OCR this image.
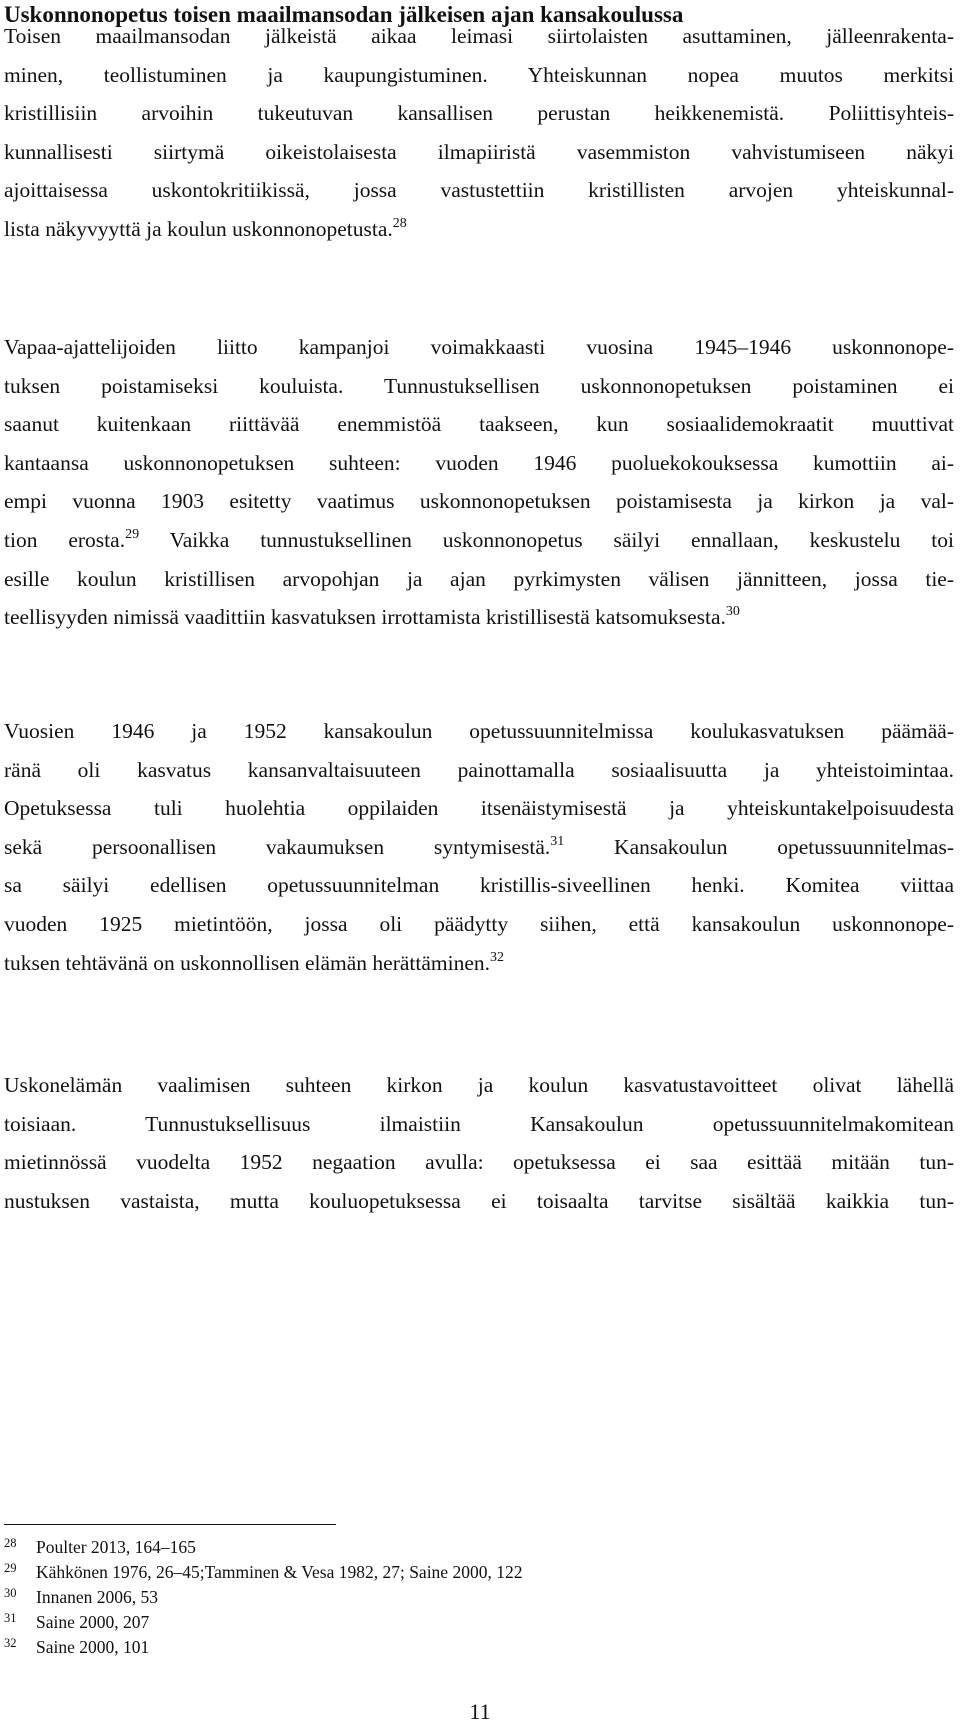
Uskonnonopetus toisen maailmansodan jälkeisen ajan kansakoulussa
Toisen maailmansodan jälkeistä aikaa leimasi siirtolaisten asuttaminen, jälleenrakenta-
minen, teollistuminen ja kaupungistuminen. Yhteiskunnan nopea muutos merkitsi
kristillisiin arvoihin tukeutuvan kansallisen perustan heikkenemistä. Poliittisyhteis-
kunnallisesti siirtymä oikeistolaisesta ilmapiiristä vasemmiston vahvistumiseen näkyi
ajoittaisessa uskontokritiikissä, jossa vastustettiin kristillisten arvojen yhteiskunnal-
lista näkyvyyttä ja koulun uskonnonopetusta.$^{28}$
Vapaa-ajattelijoiden liitto kampanjoi voimakkaasti vuosina 1945–1946 uskonnonope-
tuksen poistamiseksi kouluista. Tunnustuksellisen uskonnonopetuksen poistaminen ei
saanut kuitenkaan riittävää enemmistöä taakseen, kun sosiaalidemokraatit muuttivat
kantaansa uskonnonopetuksen suhteen: vuoden 1946 puoluekokouksessa kumottiin ai-
empi vuonna 1903 esitetty vaatimus uskonnonopetuksen poistamisesta ja kirkon ja val-
tion erosta.$^{29}$ Vaikka tunnustuksellinen uskonnonopetus säilyi ennallaan, keskustelu toi
esille koulun kristillisen arvopohjan ja ajan pyrkimysten välisen jännitteen, jossa tie-
teellisyyden nimissä vaadittiin kasvatuksen irrottamista kristillisestä katsomuksesta.$^{30}$
Vuosien 1946 ja 1952 kansakoulun opetussuunnitelmissa koulukasvatuksen päämää-
ränä oli kasvatus kansanvaltaisuuteen painottamalla sosiaalisuutta ja yhteistoimintaa.
Opetuksessa tuli huolehtia oppilaiden itsenäistymisestä ja yhteiskuntakelpoisuudesta
sekä persoonallisen vakaumuksen syntymisestä.$^{31}$ Kansakoulun opetussuunnitelmas-
sa säilyi edellisen opetussuunnitelman kristillis-siveellinen henki. Komitea viittaa
vuoden 1925 mietintöön, jossa oli päädytty siihen, että kansakoulun uskonnonope-
tuksen tehtävänä on uskonnollisen elämän herättäminen.$^{32}$
Uskonelämän vaalimisen suhteen kirkon ja koulun kasvatustavoitteet olivat lähellä
toisiaan. Tunnustuksellisuus ilmaistiin Kansakoulun opetussuunnitelmakomitean
mietinnössä vuodelta 1952 negaation avulla: opetuksessa ei saa esittää mitään tun-
nustuksen vastaista, mutta kouluopetuksessa ei toisaalta tarvitse sisältää kaikkia tun-
28 Poulter 2013, 164–165
29 Kähkönen 1976, 26–45;Tamminen & Vesa 1982, 27; Saine 2000, 122
30 Innanen 2006, 53
31 Saine 2000, 207
32 Saine 2000, 101
11
